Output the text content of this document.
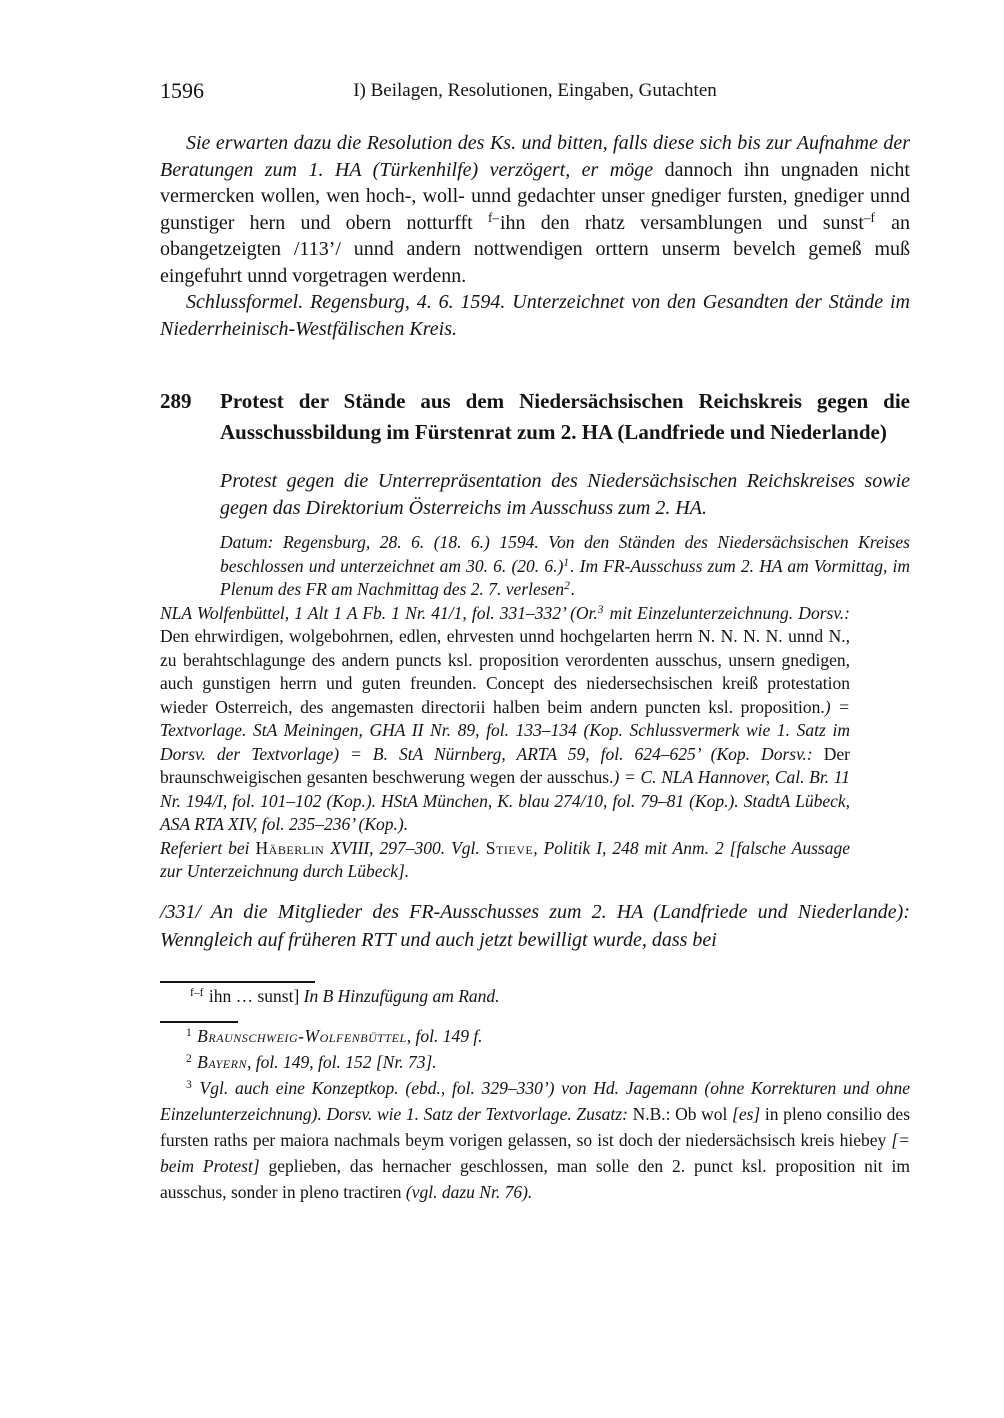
1596	I) Beilagen, Resolutionen, Eingaben, Gutachten

Sie erwarten dazu die Resolution des Ks. und bitten, falls diese sich bis zur Aufnahme der Beratungen zum 1. HA (Türkenhilfe) verzögert, er möge dannoch ihn ungnaden nicht vermercken wollen, wen hoch-, woll- unnd gedachter unser gnediger fursten, gnediger unnd gunstiger hern und obern notturfft $^{f-}$ihn den rhatz versamblungen und sunst$^{-f}$ an obangetzeigten /113’/ unnd andern nottwendigen orttern unserm bevelch gemeß muß eingefuhrt unnd vorgetragen werdenn.

Schlussformel. Regensburg, 4. 6. 1594. Unterzeichnet von den Gesandten der Stände im Niederrheinisch-Westfälischen Kreis.

289	Protest der Stände aus dem Niedersächsischen Reichskreis gegen die Ausschussbildung im Fürstenrat zum 2. HA (Landfriede und Niederlande)

Protest gegen die Unterrepräsentation des Niedersächsischen Reichskreises sowie gegen das Direktorium Österreichs im Ausschuss zum 2. HA.

Datum: Regensburg, 28. 6. (18. 6.) 1594. Von den Ständen des Niedersächsischen Kreises beschlossen und unterzeichnet am 30. 6. (20. 6.)$^1$. Im FR-Ausschuss zum 2. HA am Vormittag, im Plenum des FR am Nachmittag des 2. 7. verlesen$^2$.

NLA Wolfenbüttel, 1 Alt 1 A Fb. 1 Nr. 41/1, fol. 331–332’ (Or.$^3$ mit Einzelunterzeichnung. Dorsv.: Den ehrwirdigen, wolgebohrnen, edlen, ehrvesten unnd hochgelarten herrn N. N. N. N. unnd N., zu berahtschlagunge des andern puncts ksl. proposition verordenten ausschus, unsern gnedigen, auch gunstigen herrn und guten freunden. Concept des niedersechsischen kreiß protestation wieder Osterreich, des angemasten directorii halben beim andern puncten ksl. proposition.) = Textvorlage. StA Meiningen, GHA II Nr. 89, fol. 133–134 (Kop. Schlussvermerk wie 1. Satz im Dorsv. der Textvorlage) = B. StA Nürnberg, ARTA 59, fol. 624–625’ (Kop. Dorsv.: Der braunschweigischen gesanten beschwerung wegen der ausschus.) = C. NLA Hannover, Cal. Br. 11 Nr. 194/I, fol. 101–102 (Kop.). HStA München, K. blau 274/10, fol. 79–81 (Kop.). StadtA Lübeck, ASA RTA XIV, fol. 235–236’ (Kop.).

Referiert bei Häberlin XVIII, 297–300. Vgl. Stieve, Politik I, 248 mit Anm. 2 [falsche Aussage zur Unterzeichnung durch Lübeck].

/331/ An die Mitglieder des FR-Ausschusses zum 2. HA (Landfriede und Niederlande): Wenngleich auf früheren RTT und auch jetzt bewilligt wurde, dass bei

$^{f-f}$ ihn … sunst] In B Hinzufügung am Rand.

$^1$ Braunschweig-Wolfenbüttel, fol. 149 f.

$^2$ Bayern, fol. 149, fol. 152 [Nr. 73].

$^3$ Vgl. auch eine Konzeptkop. (ebd., fol. 329–330’) von Hd. Jagemann (ohne Korrekturen und ohne Einzelunterzeichnung). Dorsv. wie 1. Satz der Textvorlage. Zusatz: N.B.: Ob wol [es] in pleno consilio des fursten raths per maiora nachmals beym vorigen gelassen, so ist doch der niedersächsisch kreis hiebey [= beim Protest] geplieben, das hernacher geschlossen, man solle den 2. punct ksl. proposition nit im ausschus, sonder in pleno tractiren (vgl. dazu Nr. 76).
